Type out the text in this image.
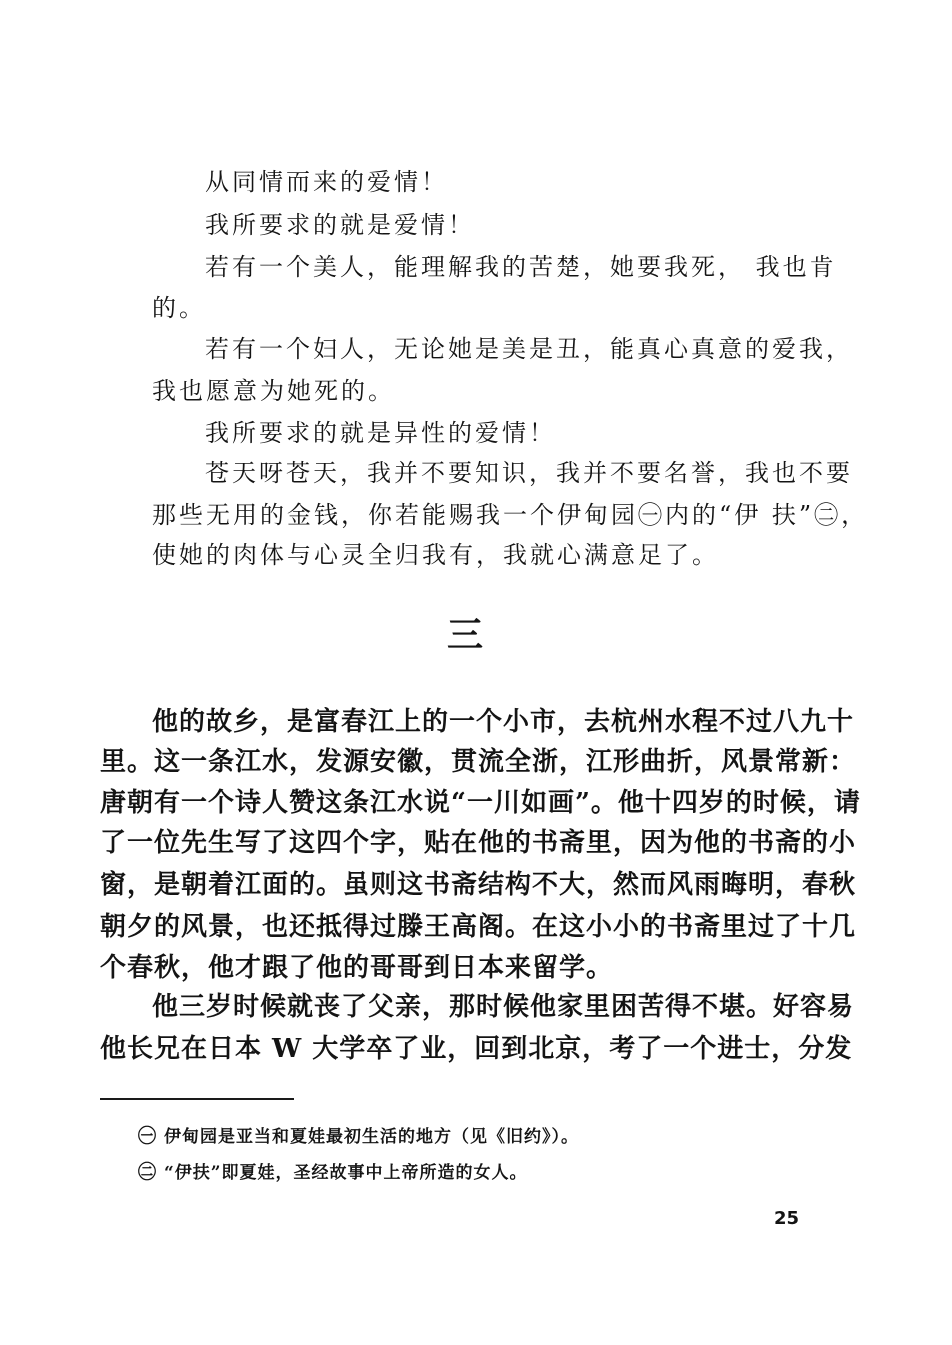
从同情而来的爱情！
我所要求的就是爱情！
若有一个美人，能理解我的苦楚，她要我死， 我也肯
的。
若有一个妇人，无论她是美是丑，能真心真意的爱我，
我也愿意为她死的。
我所要求的就是异性的爱情！
苍天呀苍天，我并不要知识，我并不要名誉，我也不要
那些无用的金钱，你若能赐我一个伊甸园㊀内的“伊 扶”㊁，
使她的肉体与心灵全归我有，我就心满意足了。
三
他的故乡，是富春江上的一个小市，去杭州水程不过八九十
里。这一条江水，发源安徽，贯流全浙，江形曲折，风景常新：
唐朝有一个诗人赞这条江水说“一川如画”。他十四岁的时候，请
了一位先生写了这四个字，贴在他的书斋里，因为他的书斋的小
窗，是朝着江面的。虽则这书斋结构不大，然而风雨晦明，春秋
朝夕的风景，也还抵得过滕王高阁。在这小小的书斋里过了十几
个春秋，他才跟了他的哥哥到日本来留学。
他三岁时候就丧了父亲，那时候他家里困苦得不堪。好容易
他长兄在日本 W 大学卒了业，回到北京，考了一个进士，分发
㊀ 伊甸园是亚当和夏娃最初生活的地方（见《旧约》）。
㊁ “伊扶”即夏娃，圣经故事中上帝所造的女人。
25
